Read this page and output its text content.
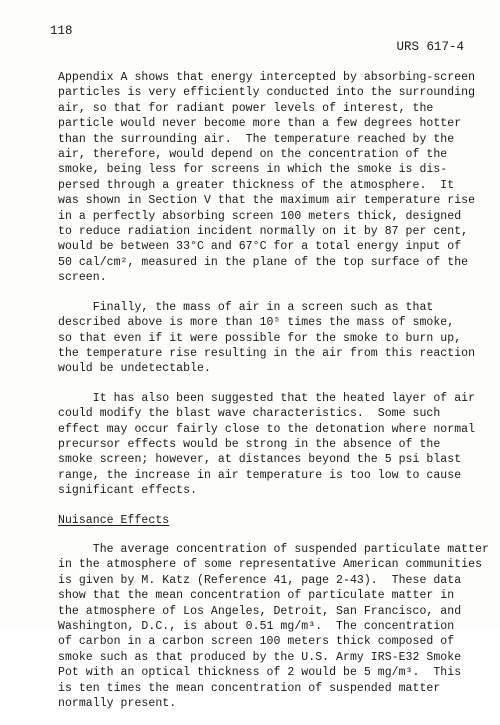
118
URS 617-4

Appendix A shows that energy intercepted by absorbing-screen
particles is very efficiently conducted into the surrounding
air, so that for radiant power levels of interest, the
particle would never become more than a few degrees hotter
than the surrounding air.  The temperature reached by the
air, therefore, would depend on the concentration of the
smoke, being less for screens in which the smoke is dis-
persed through a greater thickness of the atmosphere.  It
was shown in Section V that the maximum air temperature rise
in a perfectly absorbing screen 100 meters thick, designed
to reduce radiation incident normally on it by 87 per cent,
would be between 33°C and 67°C for a total energy input of
50 cal/cm², measured in the plane of the top surface of the
screen.

Finally, the mass of air in a screen such as that
described above is more than 10⁵ times the mass of smoke,
so that even if it were possible for the smoke to burn up,
the temperature rise resulting in the air from this reaction
would be undetectable.

It has also been suggested that the heated layer of air
could modify the blast wave characteristics.  Some such
effect may occur fairly close to the detonation where normal
precursor effects would be strong in the absence of the
smoke screen; however, at distances beyond the 5 psi blast
range, the increase in air temperature is too low to cause
significant effects.

Nuisance Effects

The average concentration of suspended particulate matter
in the atmosphere of some representative American communities
is given by M. Katz (Reference 41, page 2-43).  These data
show that the mean concentration of particulate matter in
the atmosphere of Los Angeles, Detroit, San Francisco, and
Washington, D.C., is about 0.51 mg/m³.  The concentration
of carbon in a carbon screen 100 meters thick composed of
smoke such as that produced by the U.S. Army IRS-E32 Smoke
Pot with an optical thickness of 2 would be 5 mg/m³.  This
is ten times the mean concentration of suspended matter
normally present.
